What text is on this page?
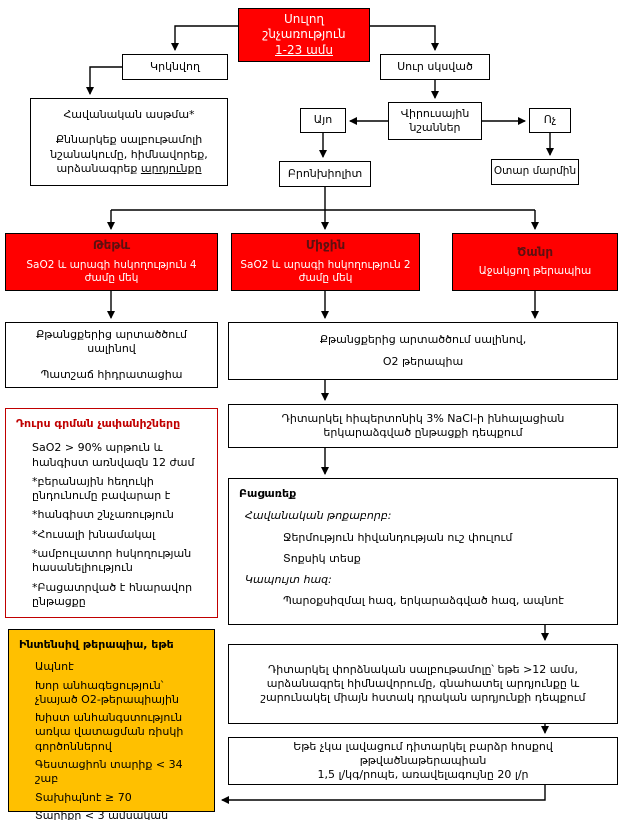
Սուլող
շնչառություն
1-23 ամս
Կրկնվող	Սուր սկսված
Հավանական ասթմա*
Քննարկեք սալբութամոլի
նշանակումը, հիմնավորեք,
արձանագրեք արդյունքը
Վիրուսային
նշաններ
Այո	Ոչ
Բրոնխիոլիտ	Օտար մարմին
Թեթև
SaO2 և արագի հսկողություն 4 ժամը մեկ
Միջին
SaO2 և արագի հսկողություն 2 ժամը մեկ
Ծանր
Աջակցող թերապիա
Քթանցքերից արտածծում սալինով
Պատշաճ հիդրատացիա
Քթանցքերից արտածծում սալինով,
O2 թերապիա
Դիտարկել հիպերտոնիկ 3% NaCl-ի ինհալացիան երկարաձգված ընթացքի դեպքում
Դուրս գրման չափանիշները
SaO2 > 90% արթուն և հանգիստ առնվազն 12 ժամ
*բերանային հեղուկի ընդունումը բավարար է
*հանգիստ շնչառություն
*Հուսալի խնամակալ
*ամբուլատոր հսկողության հասանելիություն
*Բացատրված է հնարավոր ընթացքը
Բացառեք
Հավանական թոքաբորբ:
Ջերմություն հիվանդության ուշ փուլում
Տոքսիկ տեսք
Կապույտ հազ:
Պարօքսիզմալ հազ, երկարաձգված հազ, ապնոէ
Դիտարկել փորձնական սալբութամոլը՝ եթե >12 ամս, արձանագրել հիմնավորումը, գնահատել արդյունքը և շարունակել միայն հստակ դրական արդյունքի դեպքում
Եթե չկա լավացում դիտարկել բարձր հոսքով թթվածնաթերապիան
1,5 լ/կգ/րոպե, առավելագույնը 20 լ/ր
Ինտենսիվ թերապիա, եթե
Ապնոէ
Խոր անհագեցություն՝ չնայած O2-թերապիային
Խիստ անհանգստություն առկա վատացման ռիսկի գործոններով
Գեստացիոն տարիք < 34 շաբ
Տախիպնոէ ≥ 70
Տարիքը < 3 ամսական
